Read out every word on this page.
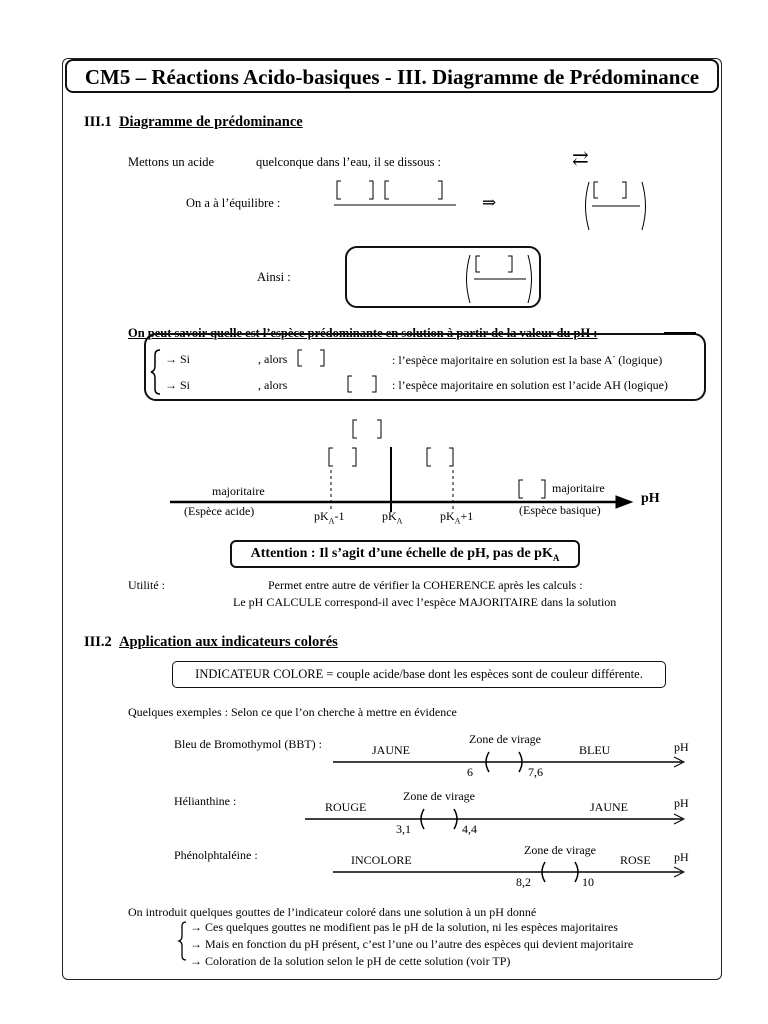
CM5 – Réactions Acido-basiques - III. Diagramme de Prédominance
III.1 Diagramme de prédominance
Mettons un acide	quelconque dans l’eau, il se dissous :	⇄
On a à l’équilibre :	⇒
Ainsi :
On peut savoir quelle est l’espèce prédominante en solution à partir de la valeur du pH :
→ Si	, alors	: l’espèce majoritaire en solution est la base A- (logique)
→ Si	, alors	: l’espèce majoritaire en solution est l’acide AH (logique)
majoritaire
(Espèce acide)
majoritaire
(Espèce basique)
pH
$pK_A-1$	$pK_A$	$pK_A+1$
Attention : Il s’agit d’une échelle de pH, pas de $pK_A$
Utilité :	Permet entre autre de vérifier la COHERENCE après les calculs :
Le pH CALCULE correspond-il avec l’espèce MAJORITAIRE dans la solution
III.2 Application aux indicateurs colorés
INDICATEUR COLORE = couple acide/base dont les espèces sont de couleur différente.
Quelques exemples : Selon ce que l’on cherche à mettre en évidence
Bleu de Bromothymol (BBT) :	JAUNE	BLEU
Zone de virage
pH
6	7,6
Hélianthine :	ROUGE	JAUNE
Zone de virage	pH
3,1	4,4
Phénolphtaléine :	INCOLORE	ROSE
Zone de virage	pH
8,2	10
On introduit quelques gouttes de l’indicateur coloré dans une solution à un pH donné
→ Ces quelques gouttes ne modifient pas le pH de la solution, ni les espèces majoritaires
→ Mais en fonction du pH présent, c’est l’une ou l’autre des espèces qui devient majoritaire
→ Coloration de la solution selon le pH de cette solution (voir TP)
